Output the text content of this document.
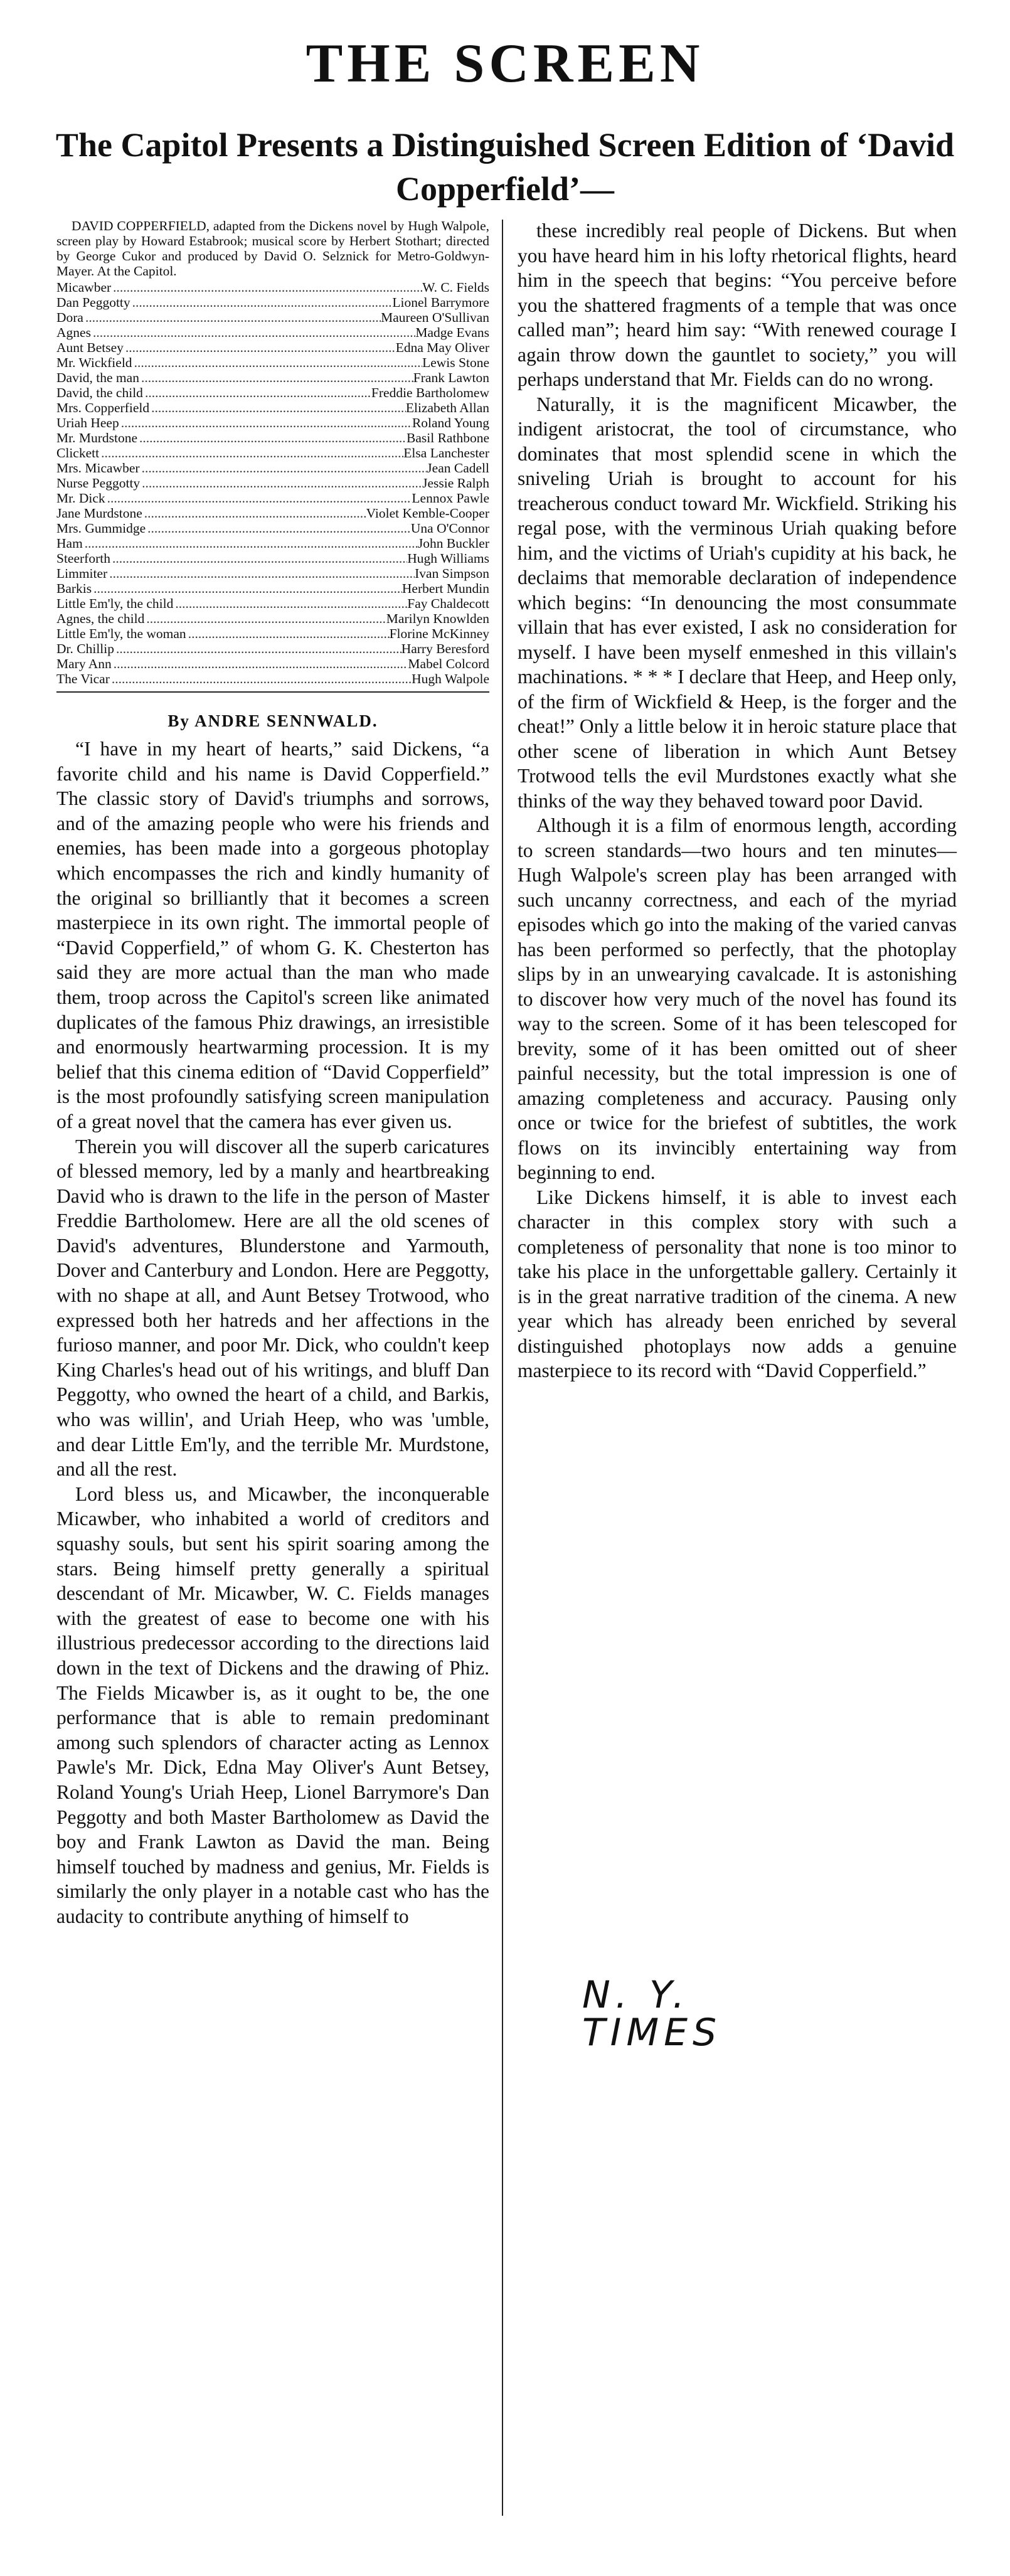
THE SCREEN
The Capitol Presents a Distinguished Screen Edition of ‘David Copperfield’—

DAVID COPPERFIELD, adapted from the Dickens novel by Hugh Walpole, screen play by Howard Estabrook; musical score by Herbert Stothart; directed by George Cukor and produced by David O. Selznick for Metro-Goldwyn-Mayer. At the Capitol.

Micawber .....	W. C. Fields
Dan Peggotty .....	Lionel Barrymore
Dora .....	Maureen O'Sullivan
Agnes .....	Madge Evans
Aunt Betsey .....	Edna May Oliver
Mr. Wickfield .....	Lewis Stone
David, the man .....	Frank Lawton
David, the child .....	Freddie Bartholomew
Mrs. Copperfield .....	Elizabeth Allan
Uriah Heep .....	Roland Young
Mr. Murdstone .....	Basil Rathbone
Clickett .....	Elsa Lanchester
Mrs. Micawber .....	Jean Cadell
Nurse Peggotty .....	Jessie Ralph
Mr. Dick .....	Lennox Pawle
Jane Murdstone .....	Violet Kemble-Cooper
Mrs. Gummidge .....	Una O'Connor
Ham .....	John Buckler
Steerforth .....	Hugh Williams
Limmiter .....	Ivan Simpson
Barkis .....	Herbert Mundin
Little Em'ly, the child .....	Fay Chaldecott
Agnes, the child .....	Marilyn Knowlden
Little Em'ly, the woman .....	Florine McKinney
Dr. Chillip .....	Harry Beresford
Mary Ann .....	Mabel Colcord
The Vicar .....	Hugh Walpole
By ANDRE SENNWALD.

“I have in my heart of hearts,” said Dickens, “a favorite child and his name is David Copperfield.” The classic story of David's triumphs and sorrows, and of the amazing people who were his friends and enemies, has been made into a gorgeous photoplay which encompasses the rich and kindly humanity of the original so brilliantly that it becomes a screen masterpiece in its own right. The immortal people of “David Copperfield,” of whom G. K. Chesterton has said they are more actual than the man who made them, troop across the Capitol's screen like animated duplicates of the famous Phiz drawings, an irresistible and enormously heartwarming procession. It is my belief that this cinema edition of “David Copperfield” is the most profoundly satisfying screen manipulation of a great novel that the camera has ever given us.

Therein you will discover all the superb caricatures of blessed memory, led by a manly and heartbreaking David who is drawn to the life in the person of Master Freddie Bartholomew. Here are all the old scenes of David's adventures, Blunderstone and Yarmouth, Dover and Canterbury and London. Here are Peggotty, with no shape at all, and Aunt Betsey Trotwood, who expressed both her hatreds and her affections in the furioso manner, and poor Mr. Dick, who couldn't keep King Charles's head out of his writings, and bluff Dan Peggotty, who owned the heart of a child, and Barkis, who was willin', and Uriah Heep, who was 'umble, and dear Little Em'ly, and the terrible Mr. Murdstone, and all the rest.

Lord bless us, and Micawber, the inconquerable Micawber, who inhabited a world of creditors and squashy souls, but sent his spirit soaring among the stars. Being himself pretty generally a spiritual descendant of Mr. Micawber, W. C. Fields manages with the greatest of ease to become one with his illustrious predecessor according to the directions laid down in the text of Dickens and the drawing of Phiz. The Fields Micawber is, as it ought to be, the one performance that is able to remain predominant among such splendors of character acting as Lennox Pawle's Mr. Dick, Edna May Oliver's Aunt Betsey, Roland Young's Uriah Heep, Lionel Barrymore's Dan Peggotty and both Master Bartholomew as David the boy and Frank Lawton as David the man. Being himself touched by madness and genius, Mr. Fields is similarly the only player in a notable cast who has the audacity to contribute anything of himself to

these incredibly real people of Dickens. But when you have heard him in his lofty rhetorical flights, heard him in the speech that begins: “You perceive before you the shattered fragments of a temple that was once called man”; heard him say: “With renewed courage I again throw down the gauntlet to society,” you will perhaps understand that Mr. Fields can do no wrong.

Naturally, it is the magnificent Micawber, the indigent aristocrat, the tool of circumstance, who dominates that most splendid scene in which the sniveling Uriah is brought to account for his treacherous conduct toward Mr. Wickfield. Striking his regal pose, with the verminous Uriah quaking before him, and the victims of Uriah's cupidity at his back, he declaims that memorable declaration of independence which begins: “In denouncing the most consummate villain that has ever existed, I ask no consideration for myself. I have been myself enmeshed in this villain's machinations. * * * I declare that Heep, and Heep only, of the firm of Wickfield & Heep, is the forger and the cheat!” Only a little below it in heroic stature place that other scene of liberation in which Aunt Betsey Trotwood tells the evil Murdstones exactly what she thinks of the way they behaved toward poor David.

Although it is a film of enormous length, according to screen standards—two hours and ten minutes—Hugh Walpole's screen play has been arranged with such uncanny correctness, and each of the myriad episodes which go into the making of the varied canvas has been performed so perfectly, that the photoplay slips by in an unwearying cavalcade. It is astonishing to discover how very much of the novel has found its way to the screen. Some of it has been telescoped for brevity, some of it has been omitted out of sheer painful necessity, but the total impression is one of amazing completeness and accuracy. Pausing only once or twice for the briefest of subtitles, the work flows on its invincibly entertaining way from beginning to end.

Like Dickens himself, it is able to invest each character in this complex story with such a completeness of personality that none is too minor to take his place in the unforgettable gallery. Certainly it is in the great narrative tradition of the cinema. A new year which has already been enriched by several distinguished photoplays now adds a genuine masterpiece to its record with “David Copperfield.”

N. Y. TIMES
